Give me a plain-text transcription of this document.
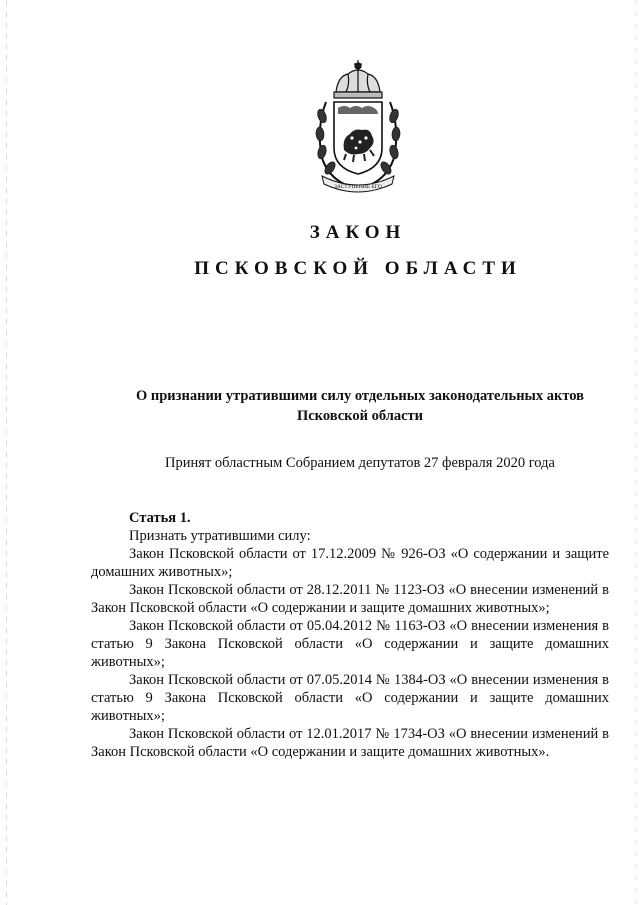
ЗАСТУПЕНИЕ ЕГО
ЗАКОН
ПСКОВСКОЙ ОБЛАСТИ
О признании утратившими силу отдельных законодательных актов
Псковской области
Принят областным Собранием депутатов 27 февраля 2020 года

Статья 1.

Признать утратившими силу:

Закон Псковской области от 17.12.2009 № 926-ОЗ «О содержании и защите домашних животных»;

Закон Псковской области от 28.12.2011 № 1123-ОЗ «О внесении изменений в Закон Псковской области «О содержании и защите домашних животных»;

Закон Псковской области от 05.04.2012 № 1163-ОЗ «О внесении изменения в статью 9 Закона Псковской области «О содержании и защите домашних животных»;

Закон Псковской области от 07.05.2014 № 1384-ОЗ «О внесении изменения в статью 9 Закона Псковской области «О содержании и защите домашних животных»;

Закон Псковской области от 12.01.2017 № 1734-ОЗ «О внесении изменений в Закон Псковской области «О содержании и защите домашних животных».
